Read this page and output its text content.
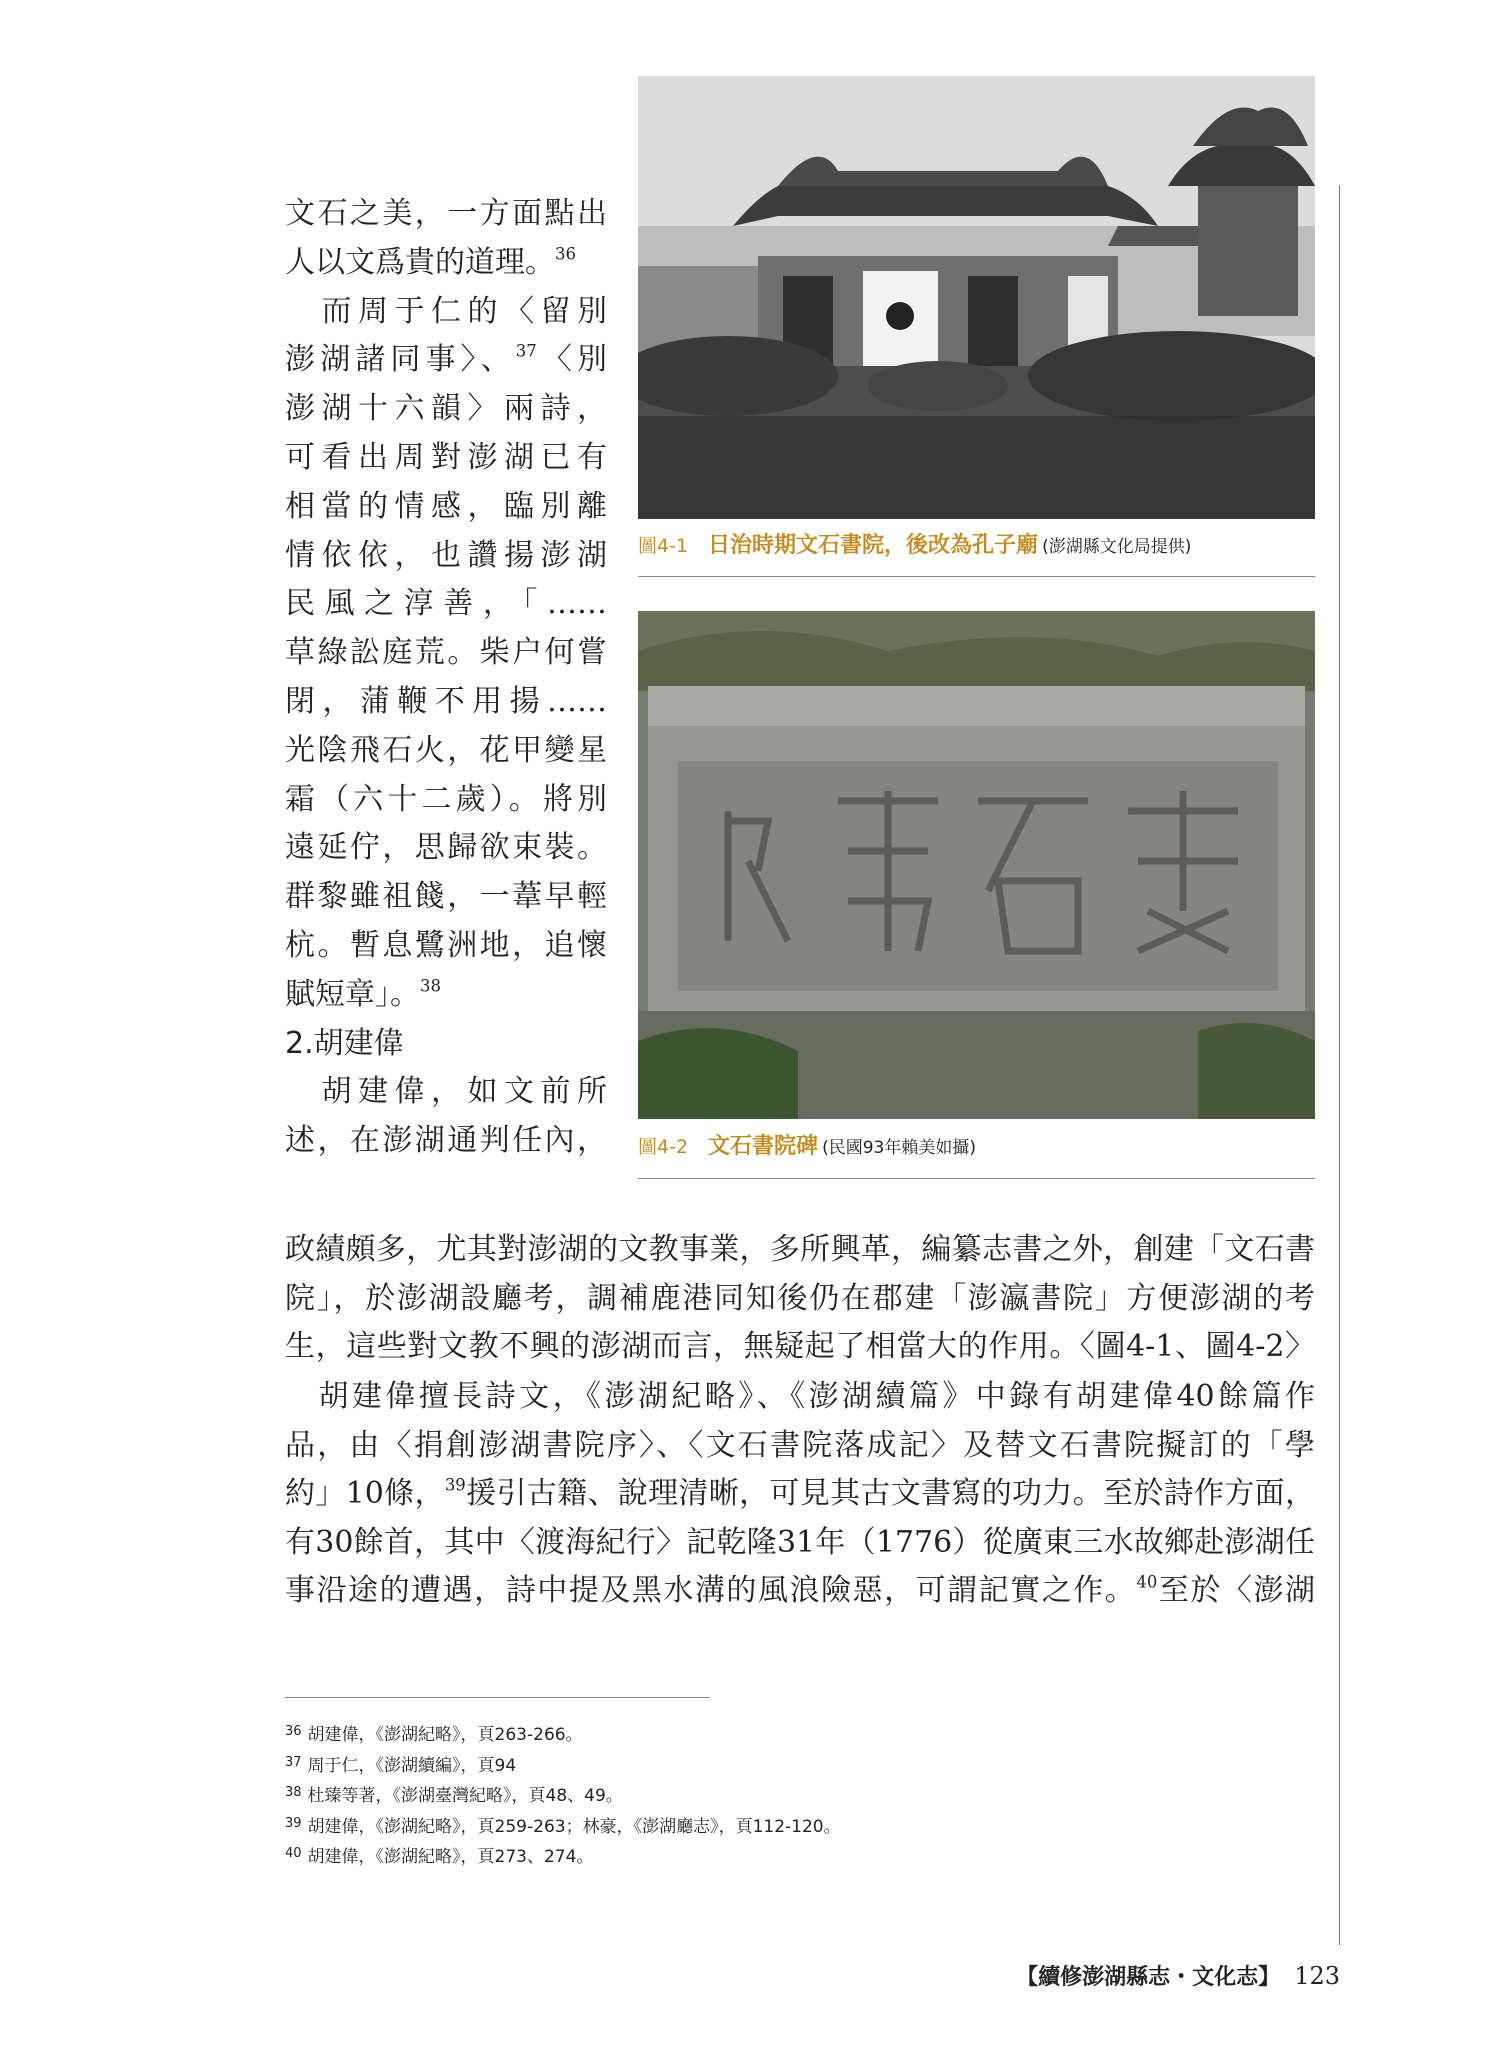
文石之美，一方面點出
人以文爲貴的道理。$^{36}$
　而周于仁的〈留別
澎湖諸同事〉、$^{37}$〈別
澎湖十六韻〉兩詩，
可看出周對澎湖已有
相當的情感，臨別離
情依依，也讚揚澎湖
民風之淳善，「……
草綠訟庭荒。柴户何嘗
閉，蒲鞭不用揚……
光陰飛石火，花甲變星
霜（六十二歲）。將別
遠延佇，思歸欲束裝。
群黎雖祖餞，一葦早輕
杭。暫息鷺洲地，追懷
賦短章」。$^{38}$
2.胡建偉
　胡建偉，如文前所
述，在澎湖通判任內，
圖4-1 日治時期文石書院，後改為孔子廟 (澎湖縣文化局提供)
圖4-2 文石書院碑 (民國93年賴美如攝)
政績頗多，尤其對澎湖的文教事業，多所興革，編纂志書之外，創建「文石書
院」，於澎湖設廳考，調補鹿港同知後仍在郡建「澎瀛書院」方便澎湖的考
生，這些對文教不興的澎湖而言，無疑起了相當大的作用。〈圖4-1、圖4-2〉
　胡建偉擅長詩文，《澎湖紀略》、《澎湖續篇》中錄有胡建偉40餘篇作
品，由〈捐創澎湖書院序〉、〈文石書院落成記〉及替文石書院擬訂的「學
約」10條，$^{39}$援引古籍、說理清晰，可見其古文書寫的功力。至於詩作方面，
有30餘首，其中〈渡海紀行〉記乾隆31年（1776）從廣東三水故鄉赴澎湖任
事沿途的遭遇，詩中提及黑水溝的風浪險惡，可謂記實之作。$^{40}$至於〈澎湖
$^{36}$ 胡建偉，《澎湖紀略》，頁263-266。
$^{37}$ 周于仁，《澎湖續編》，頁94
$^{38}$ 杜臻等著，《澎湖臺灣紀略》，頁48、49。
$^{39}$ 胡建偉，《澎湖紀略》，頁259-263；林豪，《澎湖廳志》，頁112-120。
$^{40}$ 胡建偉，《澎湖紀略》，頁273、274。
【續修澎湖縣志・文化志】 123
